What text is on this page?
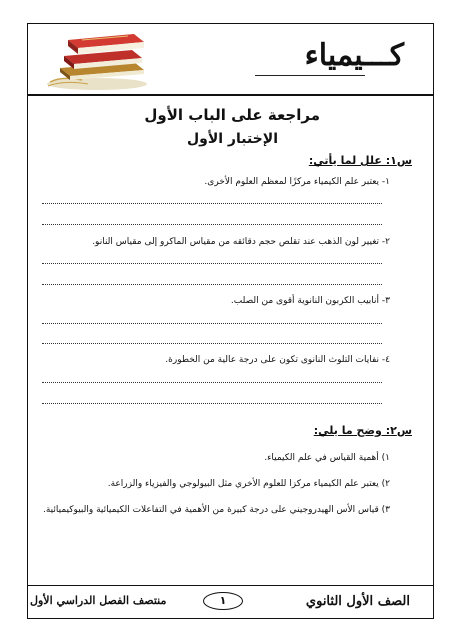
كـــيمياء
مراجعة على الباب الأول
الإختبار الأول
س١: علل لما يأتي:
١- يعتبر علم الكيمياء مركزًا لمعظم العلوم الأخرى.
٢- تغيير لون الذهب عند تقلص حجم دقائقه من مقياس الماكرو إلى مقياس النانو.
٣- أنابيب الكربون النانوية أقوى من الصلب.
٤- نفايات التلوث النانوى تكون على درجة عالية من الخطورة.
س٢: وضح ما يلي:
١) أهمية القياس في علم الكيمياء.
٢) يعتبر علم الكيمياء مركزا للعلوم الأخري مثل البيولوجي والفيزياء والزراعة.
٣) قياس الأس الهيدروجيني على درجة كبيرة من الأهمية في التفاعلات الكيميائية والبيوكيميائية.
الصف الأول الثانوي
١
منتصف الفصل الدراسي الأول
